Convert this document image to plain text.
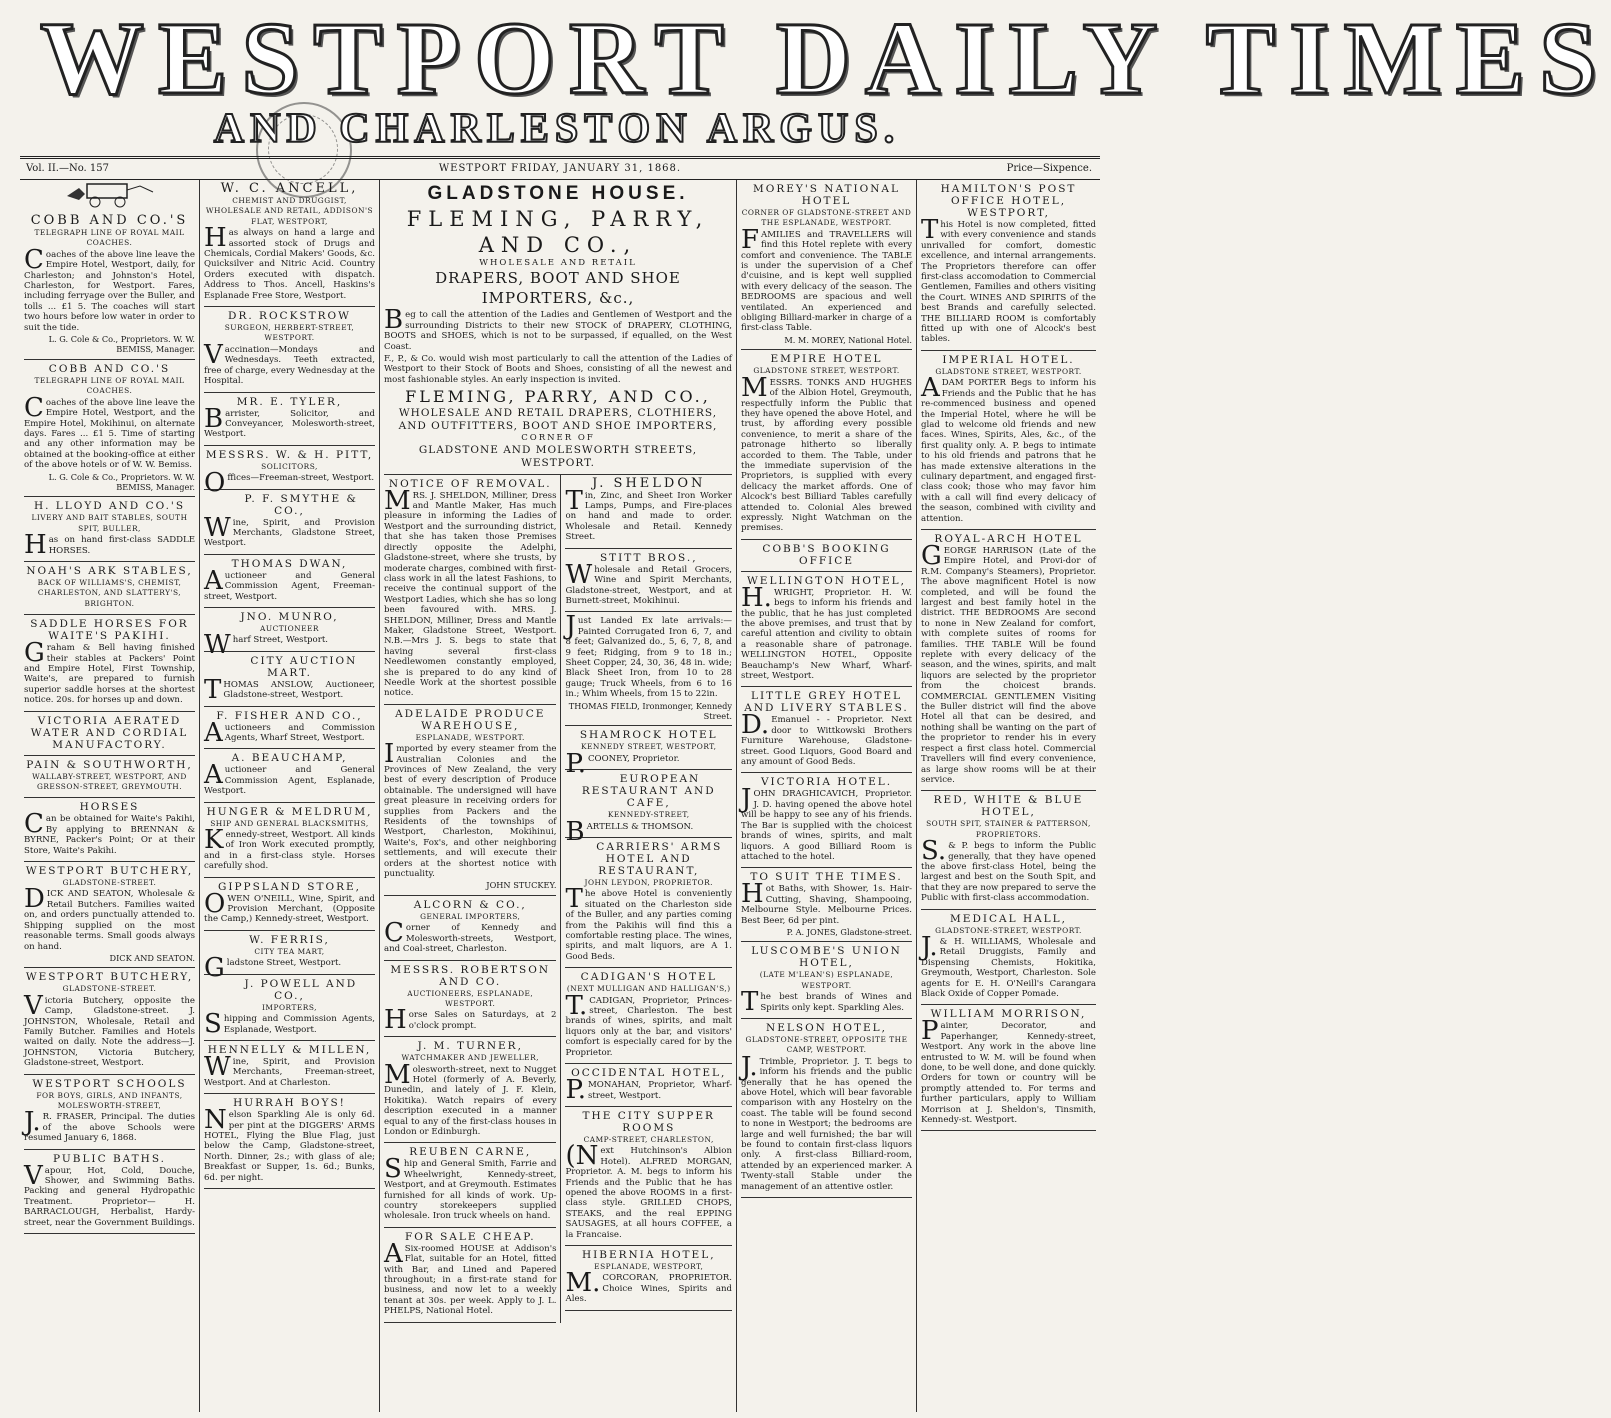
WESTPORT DAILY TIMES
AND CHARLESTON ARGUS.
Vol. II.—No. 157	WESTPORT FRIDAY, JANUARY 31, 1868.	Price—Sixpence.
COBB AND CO.'S
TELEGRAPH LINE OF ROYAL MAIL COACHES.

Coaches of the above line leave the Empire Hotel, Westport, daily, for Charleston; and Johnston's Hotel, Charleston, for Westport. Fares, including ferryage over the Buller, and tolls ... £1 5. The coaches will start two hours before low water in order to suit the tide.

L. G. Cole & Co., Proprietors. W. W. BEMISS, Manager.
COBB AND CO.'S
TELEGRAPH LINE OF ROYAL MAIL COACHES.

Coaches of the above line leave the Empire Hotel, Westport, and the Empire Hotel, Mokihinui, on alternate days. Fares ... £1 5. Time of starting and any other information may be obtained at the booking-office at either of the above hotels or of W. W. Bemiss.

L. G. Cole & Co., Proprietors. W. W. BEMISS, Manager.
H. LLOYD AND CO.'S
LIVERY AND BAIT STABLES, SOUTH SPIT, BULLER,

Has on hand first-class SADDLE HORSES.

NOAH'S ARK STABLES,
BACK OF WILLIAMS'S, CHEMIST, CHARLESTON, AND SLATTERY'S, BRIGHTON.
SADDLE HORSES FOR WAITE'S PAKIHI.

Graham & Bell having finished their stables at Packers' Point and Empire Hotel, First Township, Waite's, are prepared to furnish superior saddle horses at the shortest notice. 20s. for horses up and down.

VICTORIA AERATED WATER AND CORDIAL MANUFACTORY.
PAIN & SOUTHWORTH,
WALLABY-STREET, WESTPORT, AND GRESSON-STREET, GREYMOUTH.
HORSES

Can be obtained for Waite's Pakihi, By applying to BRENNAN & BYRNE, Packer's Point; Or at their Store, Waite's Pakihi.

WESTPORT BUTCHERY,
GLADSTONE-STREET.

DICK AND SEATON, Wholesale & Retail Butchers. Families waited on, and orders punctually attended to. Shipping supplied on the most reasonable terms. Small goods always on hand.

DICK AND SEATON.
WESTPORT BUTCHERY,
GLADSTONE-STREET.

Victoria Butchery, opposite the Camp, Gladstone-street. J. JOHNSTON, Wholesale, Retail and Family Butcher. Families and Hotels waited on daily. Note the address—J. JOHNSTON, Victoria Butchery, Gladstone-street, Westport.

WESTPORT SCHOOLS
FOR BOYS, GIRLS, AND INFANTS, MOLESWORTH-STREET,

J.R. FRASER, Principal. The duties of the above Schools were resumed January 6, 1868.

PUBLIC BATHS.

Vapour, Hot, Cold, Douche, Shower, and Swimming Baths. Packing and general Hydropathic Treatment. Proprietor— H. BARRACLOUGH, Herbalist, Hardy-street, near the Government Buildings.

W. C. ANCELL,
CHEMIST AND DRUGGIST, WHOLESALE AND RETAIL, ADDISON'S FLAT, WESTPORT,

Has always on hand a large and assorted stock of Drugs and Chemicals, Cordial Makers' Goods, &c. Quicksilver and Nitric Acid. Country Orders executed with dispatch. Address to Thos. Ancell, Haskins's Esplanade Free Store, Westport.

DR. ROCKSTROW
SURGEON, HERBERT-STREET, WESTPORT.

Vaccination—Mondays and Wednesdays. Teeth extracted, free of charge, every Wednesday at the Hospital.

MR. E. TYLER,

Barrister, Solicitor, and Conveyancer, Molesworth-street, Westport.

MESSRS. W. & H. PITT,
SOLICITORS,

Offices—Freeman-street, Westport.

P. F. SMYTHE & CO.,

Wine, Spirit, and Provision Merchants, Gladstone Street, Westport.

THOMAS DWAN,

Auctioneer and General Commission Agent, Freeman-street, Westport.

JNO. MUNRO,
AUCTIONEER

Wharf Street, Westport.

CITY AUCTION MART.

THOMAS ANSLOW, Auctioneer, Gladstone-street, Westport.

F. FISHER AND CO.,

Auctioneers and Commission Agents, Wharf Street, Westport.

A. BEAUCHAMP,

Auctioneer and General Commission Agent, Esplanade, Westport.

HUNGER & MELDRUM,
SHIP AND GENERAL BLACKSMITHS,

Kennedy-street, Westport. All kinds of Iron Work executed promptly, and in a first-class style. Horses carefully shod.

GIPPSLAND STORE,

OWEN O'NEILL, Wine, Spirit, and Provision Merchant, (Opposite the Camp,) Kennedy-street, Westport.

W. FERRIS,
CITY TEA MART,

Gladstone Street, Westport.

J. POWELL AND CO.,
IMPORTERS,

Shipping and Commission Agents, Esplanade, Westport.

HENNELLY & MILLEN,

Wine, Spirit, and Provision Merchants, Freeman-street, Westport. And at Charleston.

HURRAH BOYS!

Nelson Sparkling Ale is only 6d. per pint at the DIGGERS' ARMS HOTEL, Flying the Blue Flag, just below the Camp, Gladstone-street, North. Dinner, 2s.; with glass of ale; Breakfast or Supper, 1s. 6d.; Bunks, 6d. per night.

GLADSTONE HOUSE.
FLEMING, PARRY, AND CO.,
WHOLESALE AND RETAIL
DRAPERS, BOOT AND SHOE IMPORTERS, &c.,

Beg to call the attention of the Ladies and Gentlemen of Westport and the surrounding Districts to their new STOCK of DRAPERY, CLOTHING, BOOTS and SHOES, which is not to be surpassed, if equalled, on the West Coast.

F., P., & Co. would wish most particularly to call the attention of the Ladies of Westport to their Stock of Boots and Shoes, consisting of all the newest and most fashionable styles. An early inspection is invited.

FLEMING, PARRY, AND CO.,
WHOLESALE AND RETAIL DRAPERS, CLOTHIERS, AND OUTFITTERS, BOOT AND SHOE IMPORTERS,
CORNER OF
GLADSTONE AND MOLESWORTH STREETS, WESTPORT.
NOTICE OF REMOVAL.

MRS. J. SHELDON, Milliner, Dress and Mantle Maker, Has much pleasure in informing the Ladies of Westport and the surrounding district, that she has taken those Premises directly opposite the Adelphi, Gladstone-street, where she trusts, by moderate charges, combined with first-class work in all the latest Fashions, to receive the continual support of the Westport Ladies, which she has so long been favoured with. MRS. J. SHELDON, Milliner, Dress and Mantle Maker, Gladstone Street, Westport. N.B.—Mrs J. S. begs to state that having several first-class Needlewomen constantly employed, she is prepared to do any kind of Needle Work at the shortest possible notice.

ADELAIDE PRODUCE WAREHOUSE,
ESPLANADE, WESTPORT.

Imported by every steamer from the Australian Colonies and the Provinces of New Zealand, the very best of every description of Produce obtainable. The undersigned will have great pleasure in receiving orders for supplies from Packers and the Residents of the townships of Westport, Charleston, Mokihinui, Waite's, Fox's, and other neighboring settlements, and will execute their orders at the shortest notice with punctuality.

JOHN STUCKEY.
ALCORN & CO.,
GENERAL IMPORTERS,

Corner of Kennedy and Molesworth-streets, Westport, and Coal-street, Charleston.

MESSRS. ROBERTSON AND CO.
AUCTIONEERS, ESPLANADE, WESTPORT.

Horse Sales on Saturdays, at 2 o'clock prompt.

J. M. TURNER,
WATCHMAKER AND JEWELLER,

Molesworth-street, next to Nugget Hotel (formerly of A. Beverly, Dunedin, and lately of J. F. Klein, Hokitika). Watch repairs of every description executed in a manner equal to any of the first-class houses in London or Edinburgh.

REUBEN CARNE,

Ship and General Smith, Farrie and Wheelwright, Kennedy-street, Westport, and at Greymouth. Estimates furnished for all kinds of work. Up-country storekeepers supplied wholesale. Iron truck wheels on hand.

FOR SALE CHEAP.

ASix-roomed HOUSE at Addison's Flat, suitable for an Hotel, fitted with Bar, and Lined and Papered throughout; in a first-rate stand for business, and now let to a weekly tenant at 30s. per week. Apply to J. L. PHELPS, National Hotel.

J. SHELDON

Tin, Zinc, and Sheet Iron Worker Lamps, Pumps, and Fire-places on hand and made to order. Wholesale and Retail. Kennedy Street.

STITT BROS.,

Wholesale and Retail Grocers, Wine and Spirit Merchants, Gladstone-street, Westport, and at Burnett-street, Mokihinui.

Just Landed Ex late arrivals:— Painted Corrugated Iron 6, 7, and 8 feet; Galvanized do., 5, 6, 7, 8, and 9 feet; Ridging, from 9 to 18 in.; Sheet Copper, 24, 30, 36, 48 in. wide; Black Sheet Iron, from 10 to 28 gauge; Truck Wheels, from 6 to 16 in.; Whim Wheels, from 15 to 22in.

THOMAS FIELD, Ironmonger, Kennedy Street.
SHAMROCK HOTEL
KENNEDY STREET, WESTPORT,

P.COONEY, Proprietor.

EUROPEAN RESTAURANT AND CAFE,
KENNEDY-STREET,

BARTELLS & THOMSON.

CARRIERS' ARMS HOTEL AND RESTAURANT,
JOHN LEYDON, PROPRIETOR.

The above Hotel is conveniently situated on the Charleston side of the Buller, and any parties coming from the Pakihis will find this a comfortable resting place. The wines, spirits, and malt liquors, are A 1. Good Beds.

CADIGAN'S HOTEL
(NEXT MULLIGAN AND HALLIGAN'S,)

T.CADIGAN, Proprietor, Princes-street, Charleston. The best brands of wines, spirits, and malt liquors only at the bar, and visitors' comfort is especially cared for by the Proprietor.

OCCIDENTAL HOTEL,

P.MONAHAN, Proprietor, Wharf-street, Westport.

THE CITY SUPPER ROOMS
CAMP-STREET, CHARLESTON,

(Next Hutchinson's Albion Hotel). ALFRED MORGAN, Proprietor. A. M. begs to inform his Friends and the Public that he has opened the above ROOMS in a first-class style. GRILLED CHOPS, STEAKS, and the real EPPING SAUSAGES, at all hours COFFEE, a la Francaise.

HIBERNIA HOTEL,
ESPLANADE, WESTPORT,

M.CORCORAN, PROPRIETOR. Choice Wines, Spirits and Ales.

MOREY'S NATIONAL HOTEL
CORNER OF GLADSTONE-STREET AND THE ESPLANADE, WESTPORT.

FAMILIES and TRAVELLERS will find this Hotel replete with every comfort and convenience. The TABLE is under the supervision of a Chef d'cuisine, and is kept well supplied with every delicacy of the season. The BEDROOMS are spacious and well ventilated. An experienced and obliging Billiard-marker in charge of a first-class Table.

M. M. MOREY, National Hotel.
EMPIRE HOTEL
GLADSTONE STREET, WESTPORT.

MESSRS. TONKS AND HUGHES of the Albion Hotel, Greymouth, respectfully inform the Public that they have opened the above Hotel, and trust, by affording every possible convenience, to merit a share of the patronage hitherto so liberally accorded to them. The Table, under the immediate supervision of the Proprietors, is supplied with every delicacy the market affords. One of Alcock's best Billiard Tables carefully attended to. Colonial Ales brewed expressly. Night Watchman on the premises.

COBB'S BOOKING OFFICE
WELLINGTON HOTEL,

H.WRIGHT, Proprietor. H. W. begs to inform his friends and the public, that he has just completed the above premises, and trust that by careful attention and civility to obtain a reasonable share of patronage. WELLINGTON HOTEL, Opposite Beauchamp's New Wharf, Wharf-street, Westport.

LITTLE GREY HOTEL AND LIVERY STABLES.

D.Emanuel - - Proprietor. Next door to Wittkowski Brothers Furniture Warehouse, Gladstone-street. Good Liquors, Good Board and any amount of Good Beds.

VICTORIA HOTEL.

JOHN DRAGHICAVICH, Proprietor. J. D. having opened the above hotel will be happy to see any of his friends. The Bar is supplied with the choicest brands of wines, spirits, and malt liquors. A good Billiard Room is attached to the hotel.

TO SUIT THE TIMES.

Hot Baths, with Shower, 1s. Hair-Cutting, Shaving, Shampooing, Melbourne Style. Melbourne Prices. Best Beer, 6d per pint.

P. A. JONES, Gladstone-street.
LUSCOMBE'S UNION HOTEL,
(LATE M'LEAN'S) ESPLANADE, WESTPORT.

The best brands of Wines and Spirits only kept. Sparkling Ales.

NELSON HOTEL,
GLADSTONE-STREET, OPPOSITE THE CAMP, WESTPORT.

J.Trimble, Proprietor. J. T. begs to inform his friends and the public generally that he has opened the above Hotel, which will bear favorable comparison with any Hostelry on the coast. The table will be found second to none in Westport; the bedrooms are large and well furnished; the bar will be found to contain first-class liquors only. A first-class Billiard-room, attended by an experienced marker. A Twenty-stall Stable under the management of an attentive ostler.

HAMILTON'S POST OFFICE HOTEL, WESTPORT,

This Hotel is now completed, fitted with every convenience and stands unrivalled for comfort, domestic excellence, and internal arrangements. The Proprietors therefore can offer first-class accomodation to Commercial Gentlemen, Families and others visiting the Court. WINES AND SPIRITS of the best Brands and carefully selected. THE BILLIARD ROOM is comfortably fitted up with one of Alcock's best tables.

IMPERIAL HOTEL.
GLADSTONE STREET, WESTPORT.

ADAM PORTER Begs to inform his Friends and the Public that he has re-commenced business and opened the Imperial Hotel, where he will be glad to welcome old friends and new faces. Wines, Spirits, Ales, &c., of the first quality only. A. P. begs to intimate to his old friends and patrons that he has made extensive alterations in the culinary department, and engaged first-class cook; those who may favor him with a call will find every delicacy of the season, combined with civility and attention.

ROYAL-ARCH HOTEL

GEORGE HARRISON (Late of the Empire Hotel, and Provi-dor of R.M. Company's Steamers), Proprietor. The above magnificent Hotel is now completed, and will be found the largest and best family hotel in the district. THE BEDROOMS Are second to none in New Zealand for comfort, with complete suites of rooms for families. THE TABLE Will be found replete with every delicacy of the season, and the wines, spirits, and malt liquors are selected by the proprietor from the choicest brands. COMMERCIAL GENTLEMEN Visiting the Buller district will find the above Hotel all that can be desired, and nothing shall be wanting on the part of the proprietor to render his in every respect a first class hotel. Commercial Travellers will find every convenience, as large show rooms will be at their service.

RED, WHITE & BLUE HOTEL,
SOUTH SPIT, STAINER & PATTERSON, PROPRIETORS.

S.& P. begs to inform the Public generally, that they have opened the above first-class Hotel, being the largest and best on the South Spit, and that they are now prepared to serve the Public with first-class accommodation.

MEDICAL HALL,
GLADSTONE-STREET, WESTPORT.

J.& H. WILLIAMS, Wholesale and Retail Druggists, Family and Dispensing Chemists, Hokitika, Greymouth, Westport, Charleston. Sole agents for E. H. O'Neill's Carangara Black Oxide of Copper Pomade.

WILLIAM MORRISON,

Painter, Decorator, and Paperhanger, Kennedy-street, Westport. Any work in the above line entrusted to W. M. will be found when done, to be well done, and done quickly. Orders for town or country will be promptly attended to. For terms and further particulars, apply to William Morrison at J. Sheldon's, Tinsmith, Kennedy-st. Westport.
